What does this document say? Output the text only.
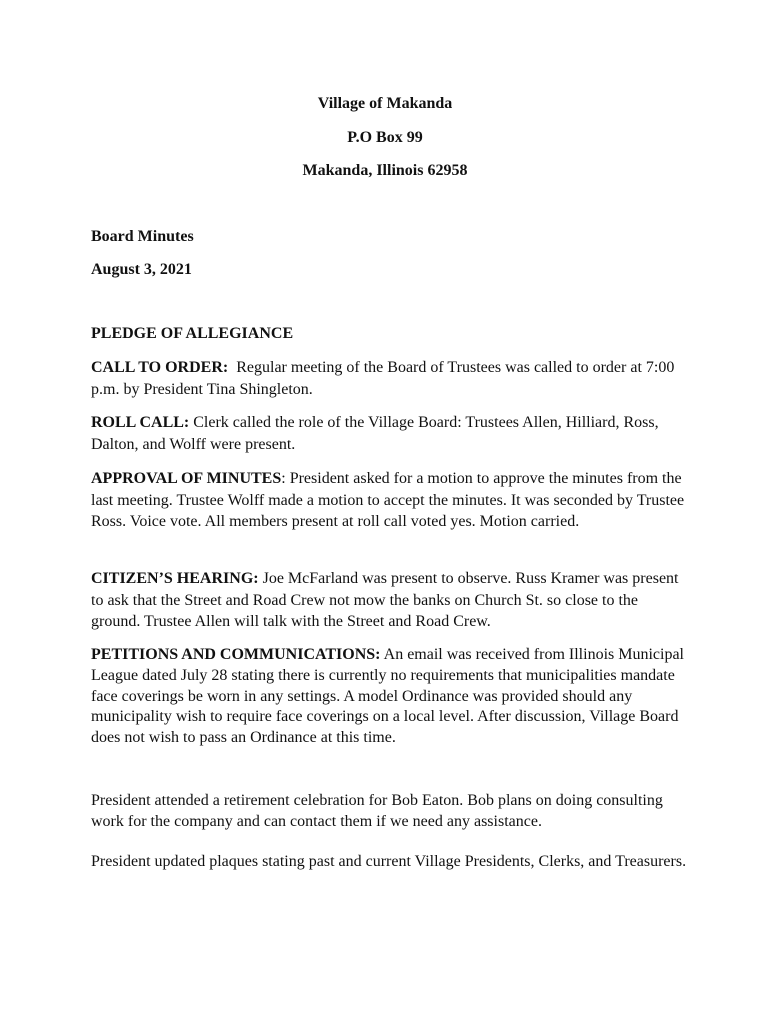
Village of Makanda
P.O Box 99
Makanda, Illinois 62958
Board Minutes
August 3, 2021
PLEDGE OF ALLEGIANCE

CALL TO ORDER: Regular meeting of the Board of Trustees was called to order at 7:00 p.m. by President Tina Shingleton.

ROLL CALL: Clerk called the role of the Village Board: Trustees Allen, Hilliard, Ross, Dalton, and Wolff were present.

APPROVAL OF MINUTES: President asked for a motion to approve the minutes from the last meeting. Trustee Wolff made a motion to accept the minutes. It was seconded by Trustee Ross. Voice vote. All members present at roll call voted yes. Motion carried.

CITIZEN’S HEARING: Joe McFarland was present to observe. Russ Kramer was present to ask that the Street and Road Crew not mow the banks on Church St. so close to the ground. Trustee Allen will talk with the Street and Road Crew.

PETITIONS AND COMMUNICATIONS: An email was received from Illinois Municipal League dated July 28 stating there is currently no requirements that municipalities mandate face coverings be worn in any settings. A model Ordinance was provided should any municipality wish to require face coverings on a local level. After discussion, Village Board does not wish to pass an Ordinance at this time.

President attended a retirement celebration for Bob Eaton. Bob plans on doing consulting work for the company and can contact them if we need any assistance.

President updated plaques stating past and current Village Presidents, Clerks, and Treasurers.
